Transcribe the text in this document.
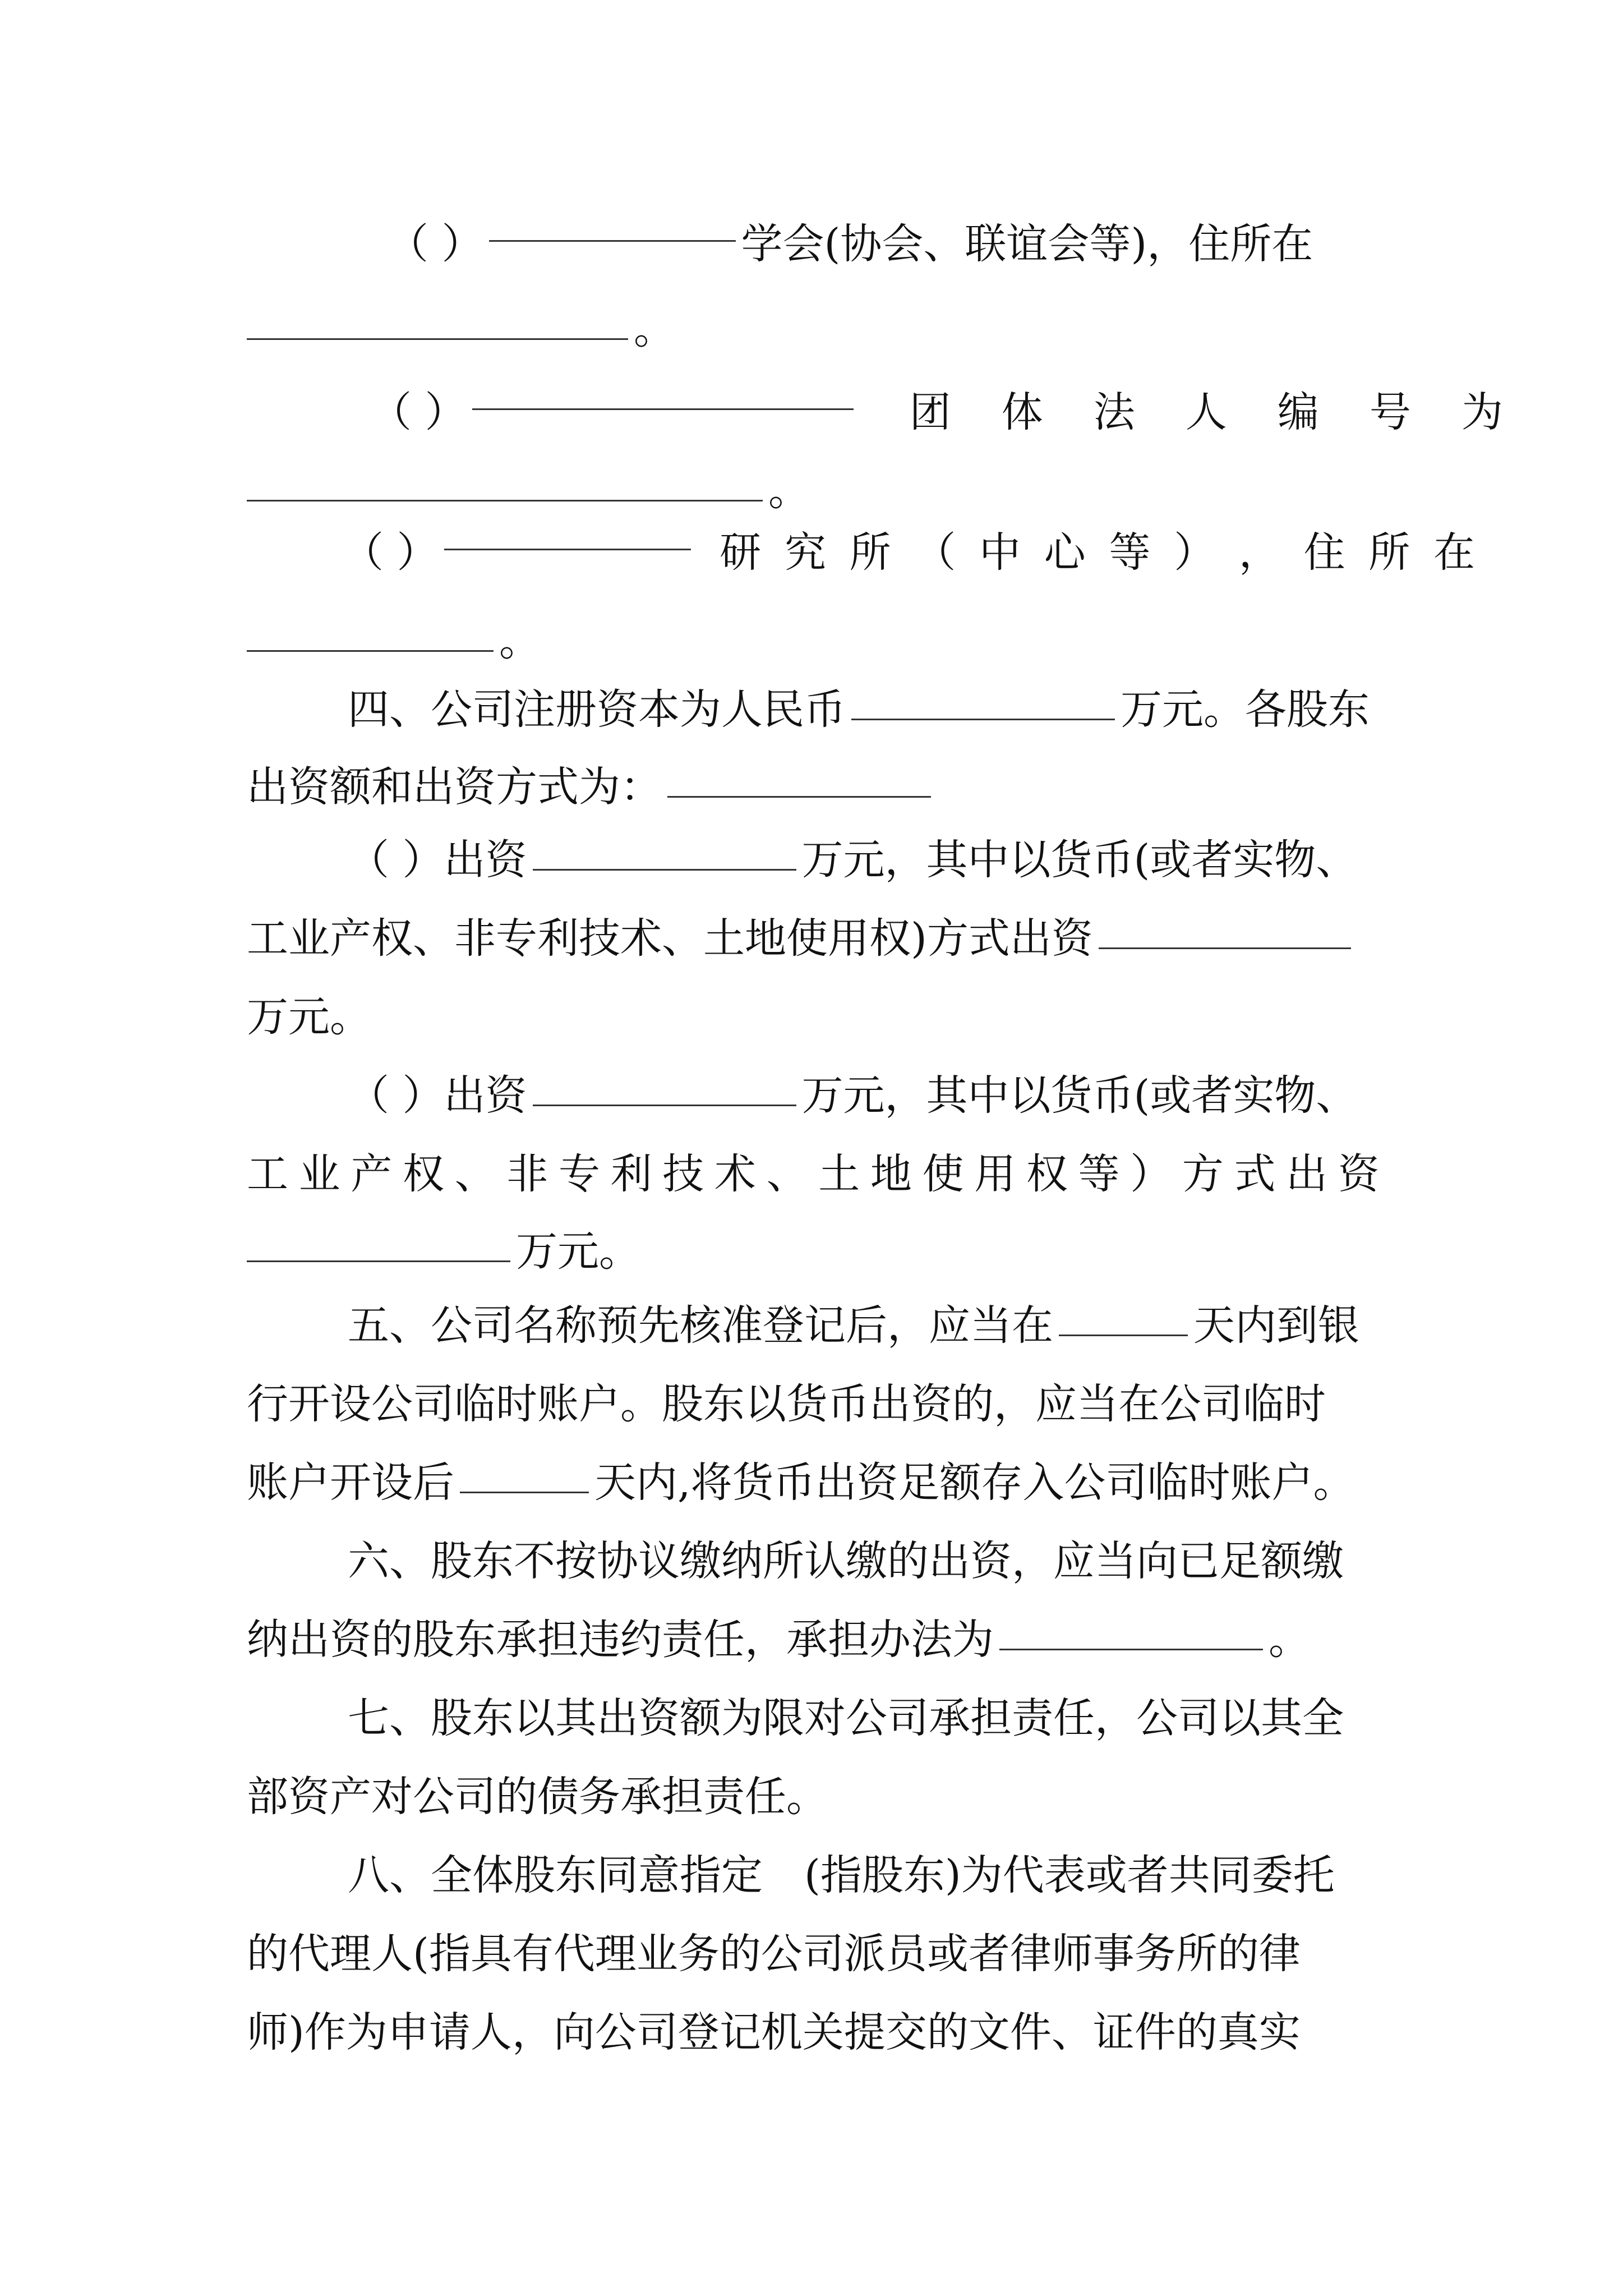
（ ）	学会(协会、联谊会等)，住所在
。
（ ）	团 体 法 人 编 号 为
。
（ ）	研 究 所 （ 中 心 等 ） ， 住 所 在
。
四、公司注册资本为人民币	万元。各股东
出资额和出资方式为：
（ ）出资	万元，其中以货币(或者实物、
工业产权、非专利技术、土地使用权)方式出资
万元。
（ ）出资	万元，其中以货币(或者实物、
工 业 产 权 、 非 专 利 技 术 、 土 地 使 用 权 等 ） 方 式 出 资
万元。
五、公司名称预先核准登记后，应当在	天内到银
行开设公司临时账户。股东以货币出资的，应当在公司临时
账户开设后	天内,将货币出资足额存入公司临时账户。
六、股东不按协议缴纳所认缴的出资，应当向已足额缴
纳出资的股东承担违约责任，承担办法为	。
七、股东以其出资额为限对公司承担责任，公司以其全
部资产对公司的债务承担责任。
八、全体股东同意指定　(指股东)为代表或者共同委托
的代理人(指具有代理业务的公司派员或者律师事务所的律
师)作为申请人，向公司登记机关提交的文件、证件的真实
